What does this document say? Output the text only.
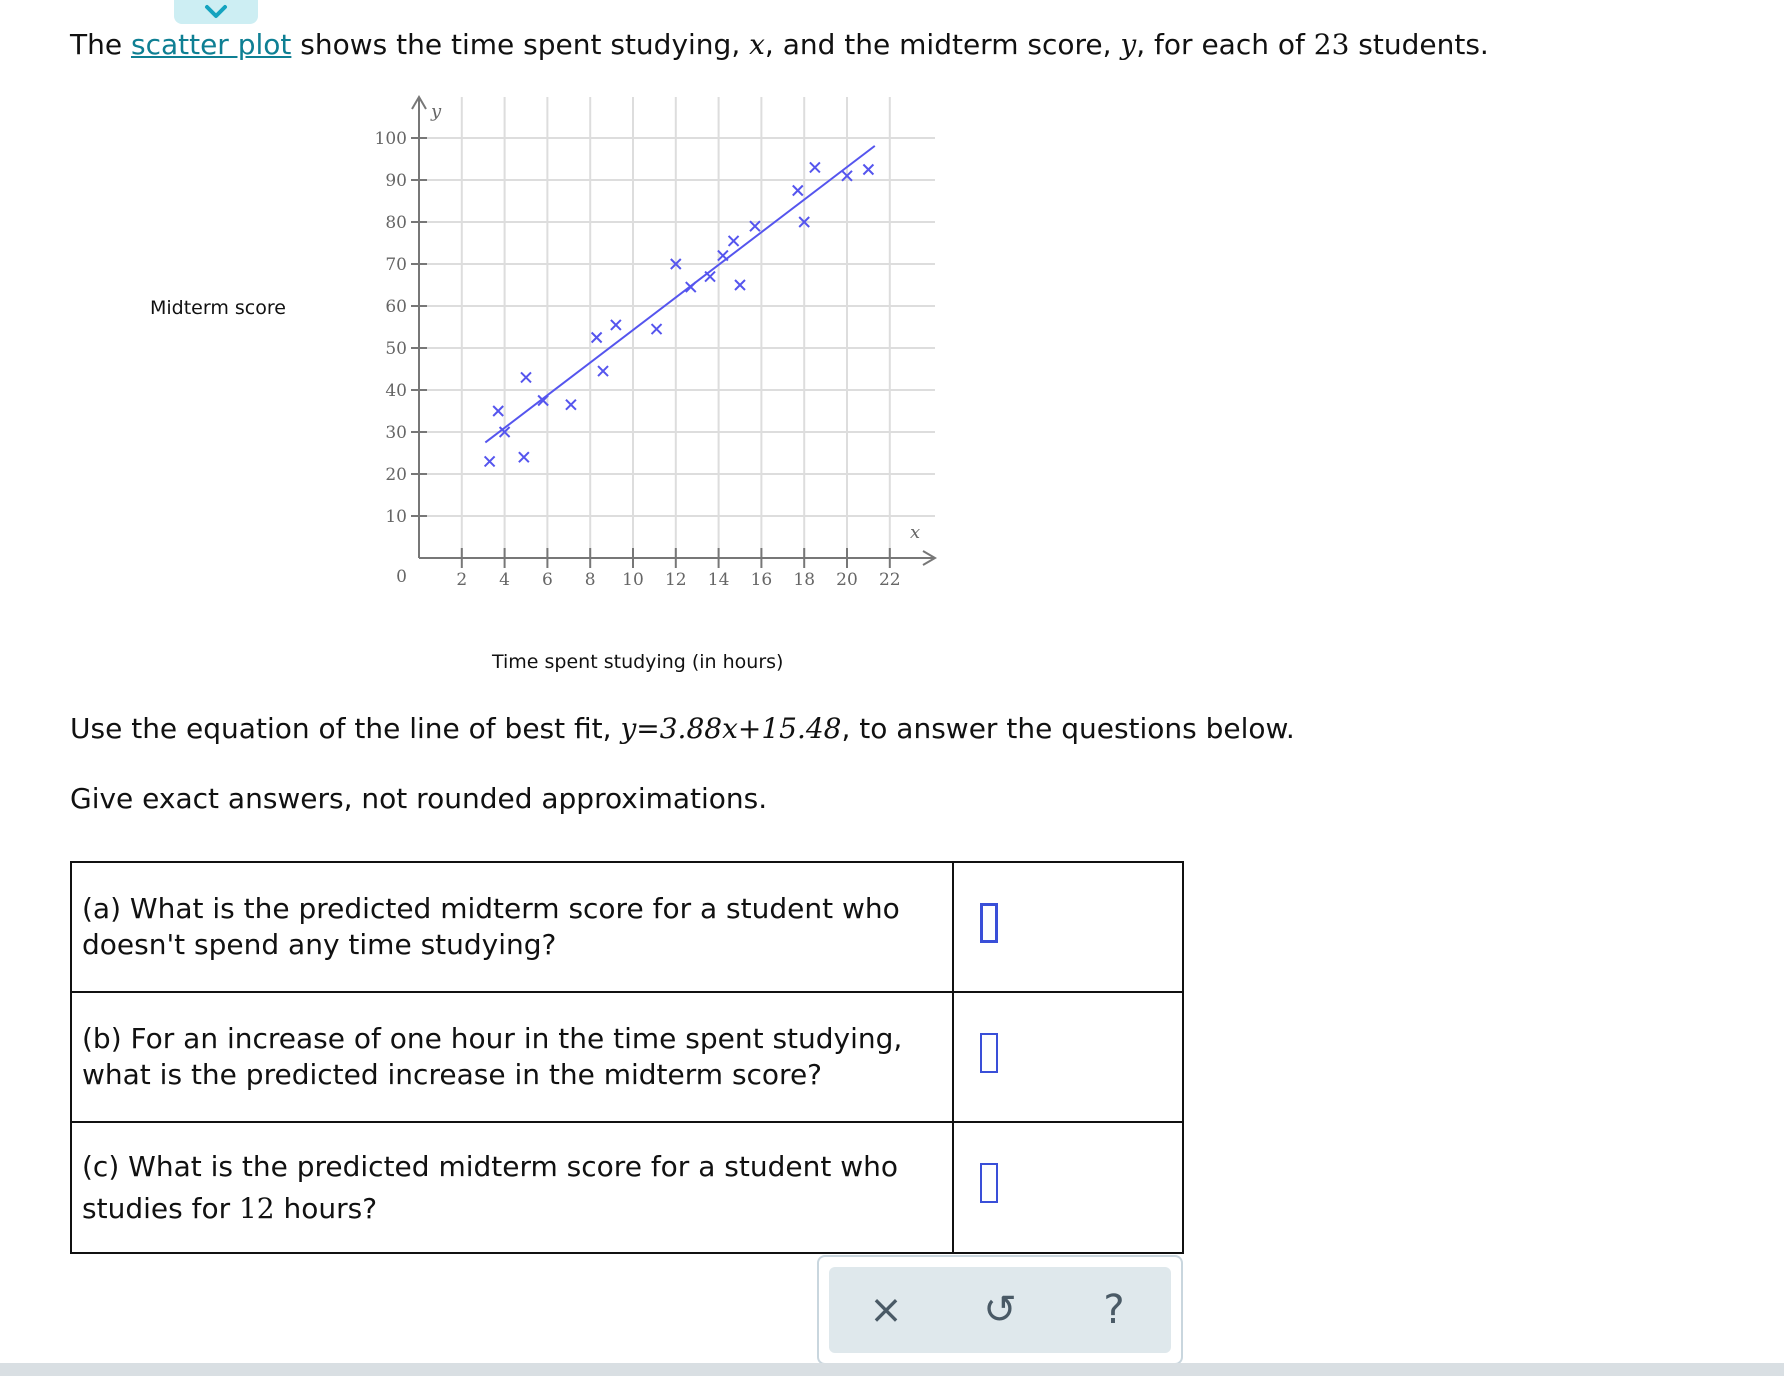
The scatter plot shows the time spent studying, x, and the midterm score, y, for each of 23 students.
Midterm score
Time spent studying (in hours)
2 4 6 8 10 12 14 16 18 20 22
10
20
30
40
50
60
70
80
90
100
y
x
0
Use the equation of the line of best fit, y=3.88x+15.48, to answer the questions below.
Give exact answers, not rounded approximations.
(a) What is the predicted midterm score for a student who doesn't spend any time studying?	
(b) For an increase of one hour in the time spent studying, what is the predicted increase in the midterm score?	
(c) What is the predicted midterm score for a student who studies for 12 hours?	
×	↺	?
